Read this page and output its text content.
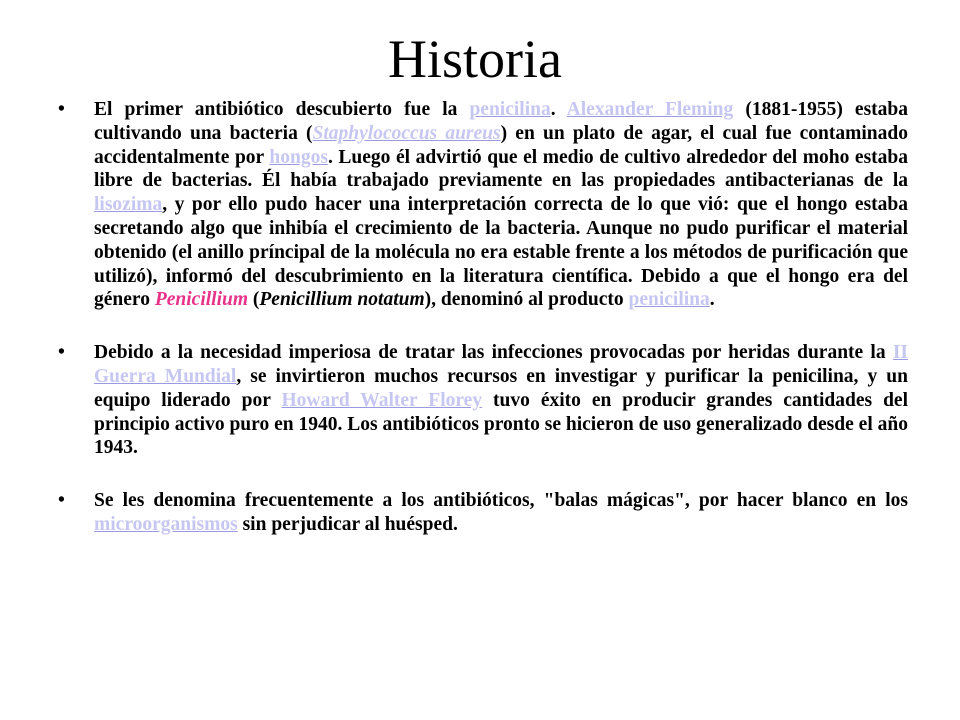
Historia
• El primer antibiótico descubierto fue la penicilina. Alexander Fleming (1881-1955) estaba cultivando una bacteria (Staphylococcus aureus) en un plato de agar, el cual fue contaminado accidentalmente por hongos. Luego él advirtió que el medio de cultivo alrededor del moho estaba libre de bacterias. Él había trabajado previamente en las propiedades antibacterianas de la lisozima, y por ello pudo hacer una interpretación correcta de lo que vió: que el hongo estaba secretando algo que inhibía el crecimiento de la bacteria. Aunque no pudo purificar el material obtenido (el anillo príncipal de la molécula no era estable frente a los métodos de purificación que utilizó), informó del descubrimiento en la literatura científica. Debido a que el hongo era del género Penicillium (Penicillium notatum), denominó al producto penicilina.
• Debido a la necesidad imperiosa de tratar las infecciones provocadas por heridas durante la II Guerra Mundial, se invirtieron muchos recursos en investigar y purificar la penicilina, y un equipo liderado por Howard Walter Florey tuvo éxito en producir grandes cantidades del principio activo puro en 1940. Los antibióticos pronto se hicieron de uso generalizado desde el año 1943.
• Se les denomina frecuentemente a los antibióticos, "balas mágicas", por hacer blanco en los microorganismos sin perjudicar al huésped.
